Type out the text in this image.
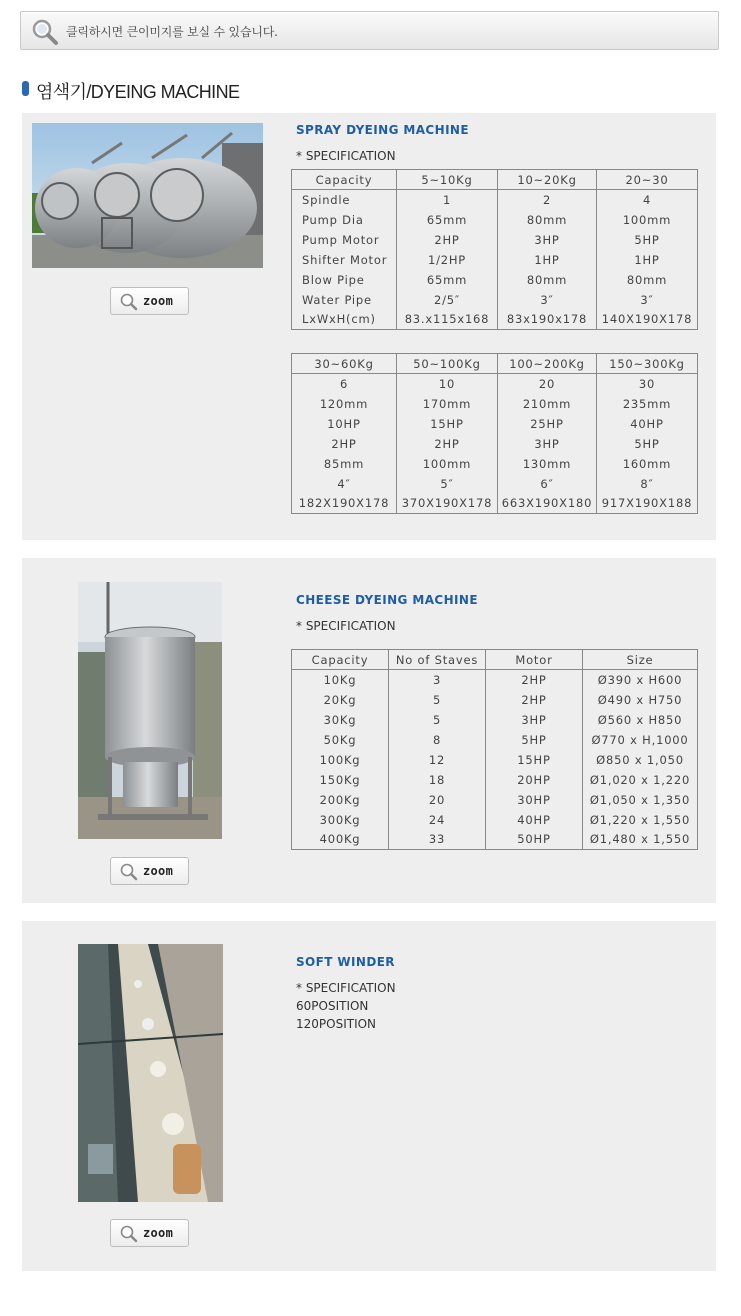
클릭하시면 큰이미지를 보실 수 있습니다.
염색기/DYEING MACHINE
zoom
SPRAY DYEING MACHINE
* SPECIFICATION
Capacity	5~10Kg	10~20Kg	20~30
Spindle	1	2	4
Pump Dia	65mm	80mm	100mm
Pump Motor	2HP	3HP	5HP
Shifter Motor	1/2HP	1HP	1HP
Blow Pipe	65mm	80mm	80mm
Water Pipe	2/5″	3″	3″
LxWxH(cm)	83.x115x168	83x190x178	140X190X178
30~60Kg	50~100Kg	100~200Kg	150~300Kg
6	10	20	30
120mm	170mm	210mm	235mm
10HP	15HP	25HP	40HP
2HP	2HP	3HP	5HP
85mm	100mm	130mm	160mm
4″	5″	6″	8″
182X190X178	370X190X178	663X190X180	917X190X188
zoom
CHEESE DYEING MACHINE
* SPECIFICATION
Capacity	No of Staves	Motor	Size
10Kg	3	2HP	Ø390 x H600
20Kg	5	2HP	Ø490 x H750
30Kg	5	3HP	Ø560 x H850
50Kg	8	5HP	Ø770 x H,1000
100Kg	12	15HP	Ø850 x 1,050
150Kg	18	20HP	Ø1,020 x 1,220
200Kg	20	30HP	Ø1,050 x 1,350
300Kg	24	40HP	Ø1,220 x 1,550
400Kg	33	50HP	Ø1,480 x 1,550
zoom
SOFT WINDER
* SPECIFICATION
60POSITION
120POSITION
